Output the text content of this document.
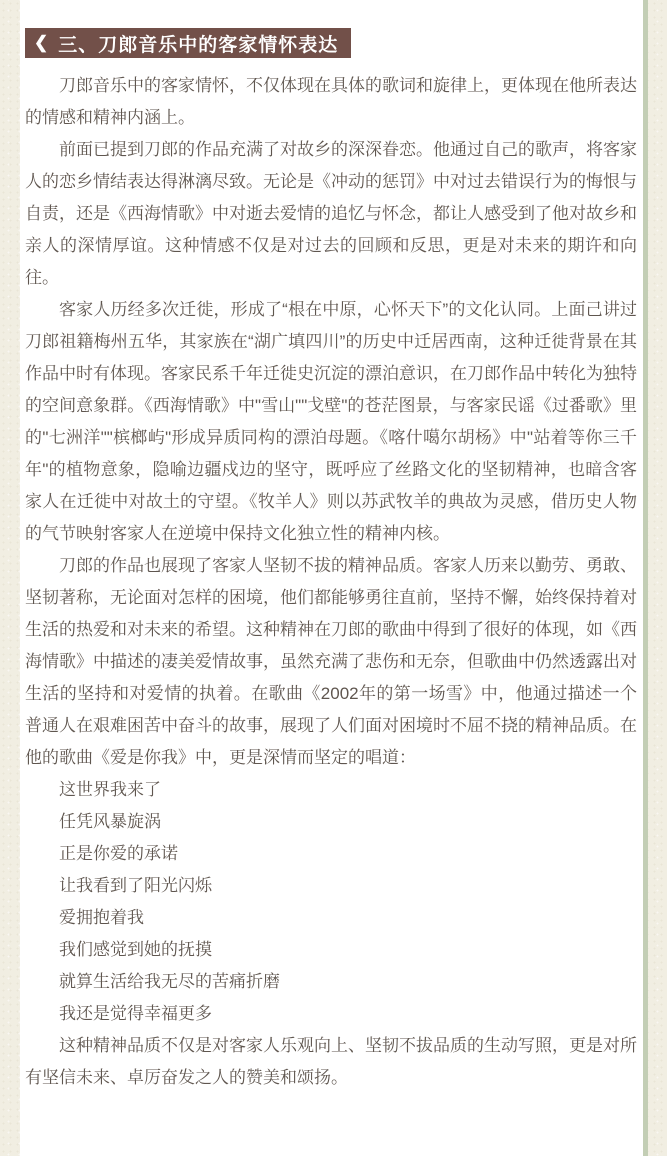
❮ 三、刀郎音乐中的客家情怀表达

刀郎音乐中的客家情怀，不仅体现在具体的歌词和旋律上，更体现在他所表达的情感和精神内涵上。

前面已提到刀郎的作品充满了对故乡的深深眷恋。他通过自己的歌声，将客家人的恋乡情结表达得淋漓尽致。无论是《冲动的惩罚》中对过去错误行为的悔恨与自责，还是《西海情歌》中对逝去爱情的追忆与怀念，都让人感受到了他对故乡和亲人的深情厚谊。这种情感不仅是对过去的回顾和反思，更是对未来的期许和向往。

客家人历经多次迁徙，形成了“根在中原，心怀天下”的文化认同。上面己讲过刀郎祖籍梅州五华，其家族在“湖广填四川”的历史中迁居西南，这种迁徙背景在其作品中时有体现。客家民系千年迁徙史沉淀的漂泊意识，在刀郎作品中转化为独特的空间意象群。《西海情歌》中"雪山""戈壁"的苍茫图景，与客家民谣《过番歌》里的"七洲洋""槟榔屿"形成异质同构的漂泊母题。《喀什噶尔胡杨》中"站着等你三千年"的植物意象，隐喻边疆戍边的坚守，既呼应了丝路文化的坚韧精神，也暗含客家人在迁徙中对故土的守望。《牧羊人》则以苏武牧羊的典故为灵感，借历史人物的气节映射客家人在逆境中保持文化独立性的精神内核。

刀郎的作品也展现了客家人坚韧不拔的精神品质。客家人历来以勤劳、勇敢、坚韧著称，无论面对怎样的困境，他们都能够勇往直前，坚持不懈，始终保持着对生活的热爱和对未来的希望。这种精神在刀郎的歌曲中得到了很好的体现，如《西海情歌》中描述的凄美爱情故事，虽然充满了悲伤和无奈，但歌曲中仍然透露出对生活的坚持和对爱情的执着。在歌曲《2002年的第一场雪》中，他通过描述一个普通人在艰难困苦中奋斗的故事，展现了人们面对困境时不屈不挠的精神品质。在他的歌曲《爱是你我》中，更是深情而坚定的唱道：

这世界我来了

任凭风暴旋涡

正是你爱的承诺

让我看到了阳光闪烁

爱拥抱着我

我们感觉到她的抚摸

就算生活给我无尽的苦痛折磨

我还是觉得幸福更多

这种精神品质不仅是对客家人乐观向上、坚韧不拔品质的生动写照，更是对所有坚信未来、卓厉奋发之人的赞美和颂扬。
